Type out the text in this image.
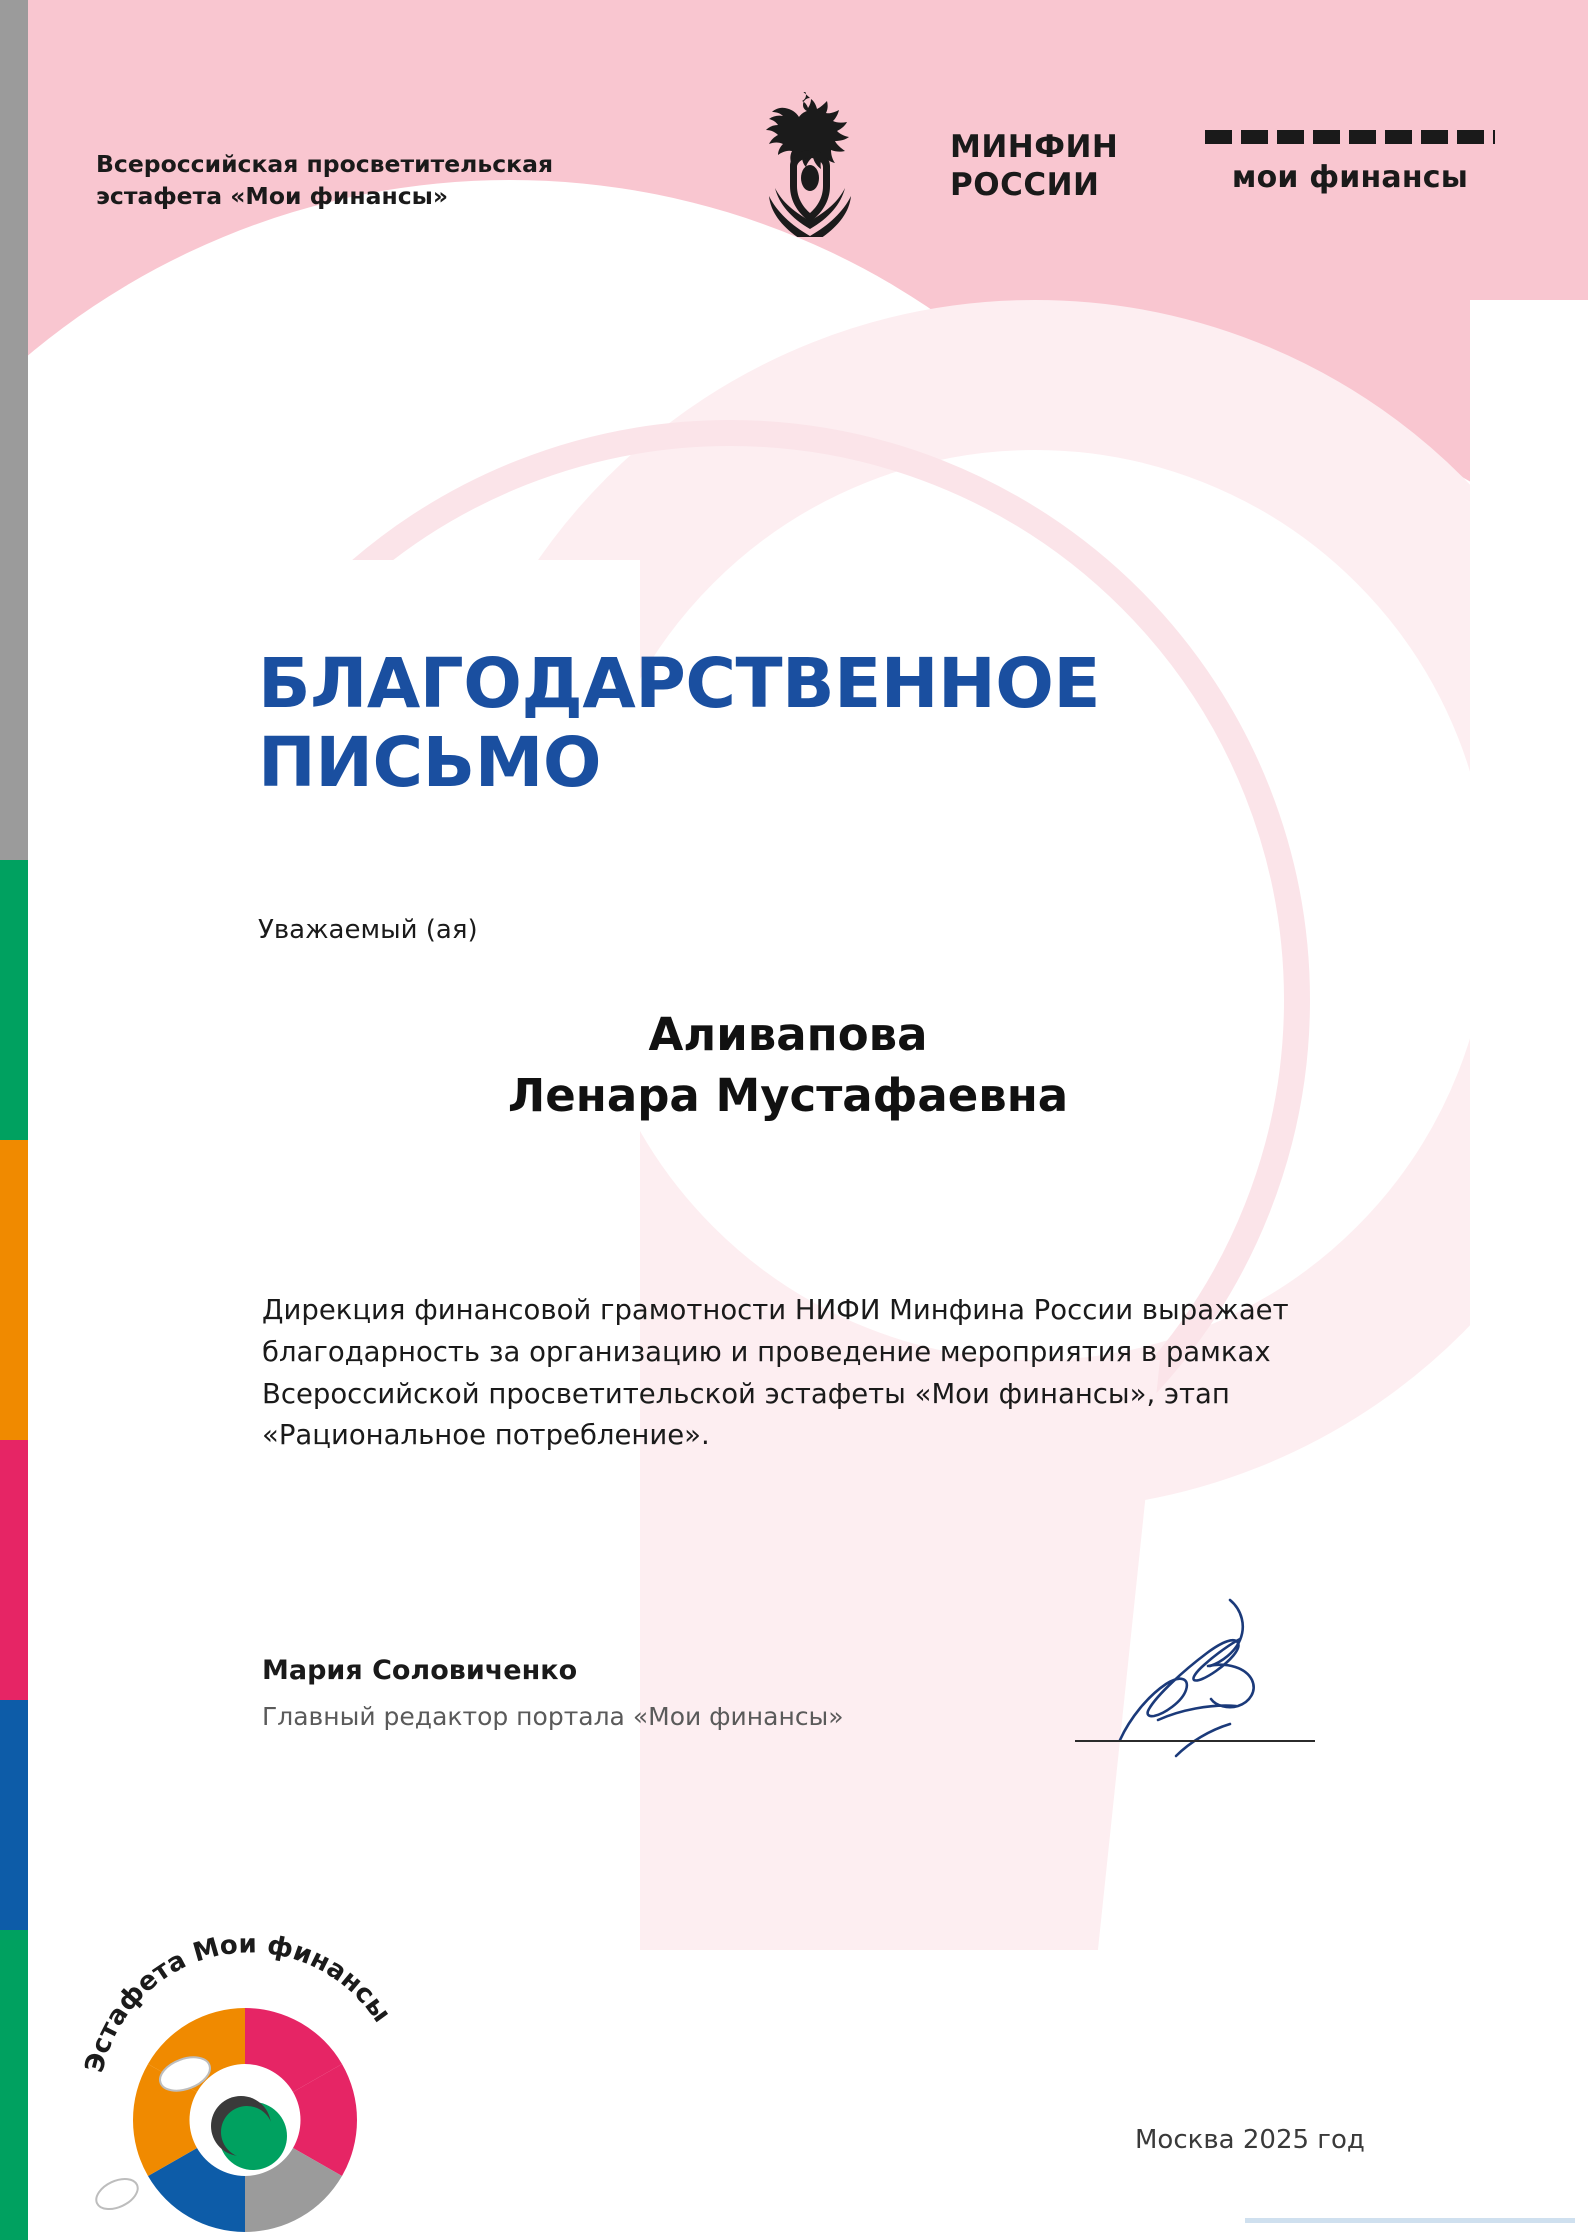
Всероссийская просветительская
эстафета «Мои финансы»
МИНФИН
РОССИИ	мои финансы
БЛАГОДАРСТВЕННОЕ
ПИСЬМО
Уважаемый (ая)
Аливапова
Ленара Мустафаевна
Дирекция финансовой грамотности НИФИ Минфина России выражает благодарность за организацию и проведение мероприятия в рамках Всероссийской просветительской эстафеты «Мои финансы», этап «Рациональное потребление».
Мария Соловиченко
Главный редактор портала «Мои финансы»
Москва 2025 год
Эстафета Мои финансы
